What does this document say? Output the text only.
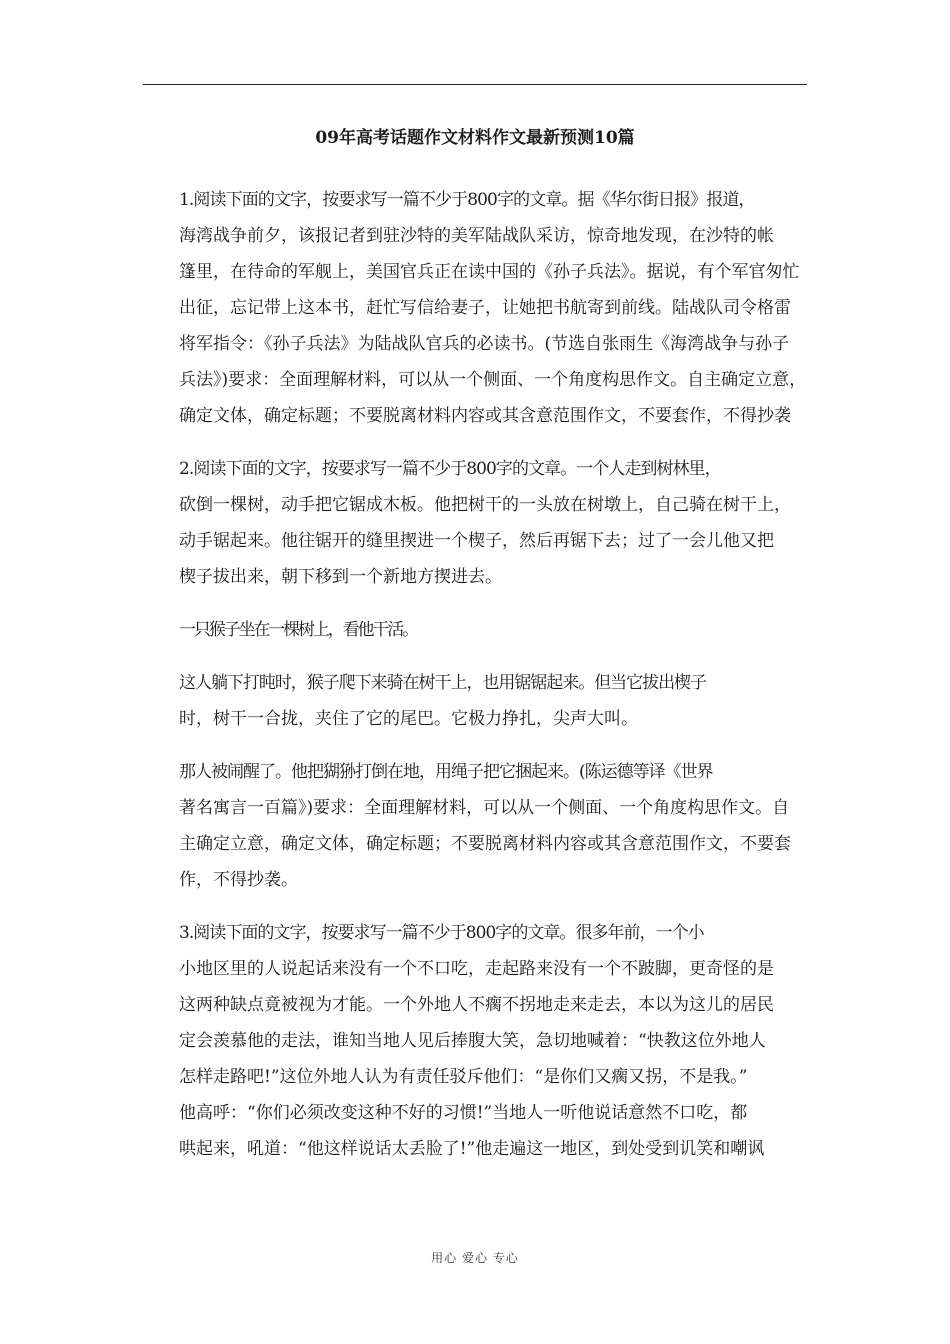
09年高考话题作文材料作文最新预测10篇

1.阅读下面的文字，按要求写一篇不少于800字的文章。据《华尔街日报》报道，
海湾战争前夕，该报记者到驻沙特的美军陆战队采访，惊奇地发现，在沙特的帐
篷里，在待命的军舰上，美国官兵正在读中国的《孙子兵法》。据说，有个军官匆忙
出征，忘记带上这本书，赶忙写信给妻子，让她把书航寄到前线。陆战队司令格雷
将军指令：《孙子兵法》为陆战队官兵的必读书。(节选自张雨生《海湾战争与孙子
兵法》)要求：全面理解材料，可以从一个侧面、一个角度构思作文。自主确定立意，
确定文体，确定标题；不要脱离材料内容或其含意范围作文，不要套作，不得抄袭

2.阅读下面的文字，按要求写一篇不少于800字的文章。一个人走到树林里，
砍倒一棵树，动手把它锯成木板。他把树干的一头放在树墩上，自己骑在树干上，
动手锯起来。他往锯开的缝里揳进一个楔子，然后再锯下去；过了一会儿他又把
楔子拔出来，朝下移到一个新地方揳进去。

一只猴子坐在一棵树上，看他干活。

这人躺下打盹时，猴子爬下来骑在树干上，也用锯锯起来。但当它拔出楔子
时，树干一合拢，夹住了它的尾巴。它极力挣扎，尖声大叫。

那人被闹醒了。他把猢狲打倒在地，用绳子把它捆起来。(陈运德等译《世界
著名寓言一百篇》)要求：全面理解材料，可以从一个侧面、一个角度构思作文。自
主确定立意，确定文体，确定标题；不要脱离材料内容或其含意范围作文，不要套
作，不得抄袭。

3.阅读下面的文字，按要求写一篇不少于800字的文章。很多年前，一个小
小地区里的人说起话来没有一个不口吃，走起路来没有一个不跛脚，更奇怪的是
这两种缺点竟被视为才能。一个外地人不瘸不拐地走来走去，本以为这儿的居民
定会羡慕他的走法，谁知当地人见后捧腹大笑，急切地喊着：“快教这位外地人
怎样走路吧!”这位外地人认为有责任驳斥他们：“是你们又瘸又拐，不是我。”
他高呼：“你们必须改变这种不好的习惯!”当地人一听他说话意然不口吃，都
哄起来，吼道：“他这样说话太丢脸了!”他走遍这一地区，到处受到讥笑和嘲讽

用心 爱心 专心
